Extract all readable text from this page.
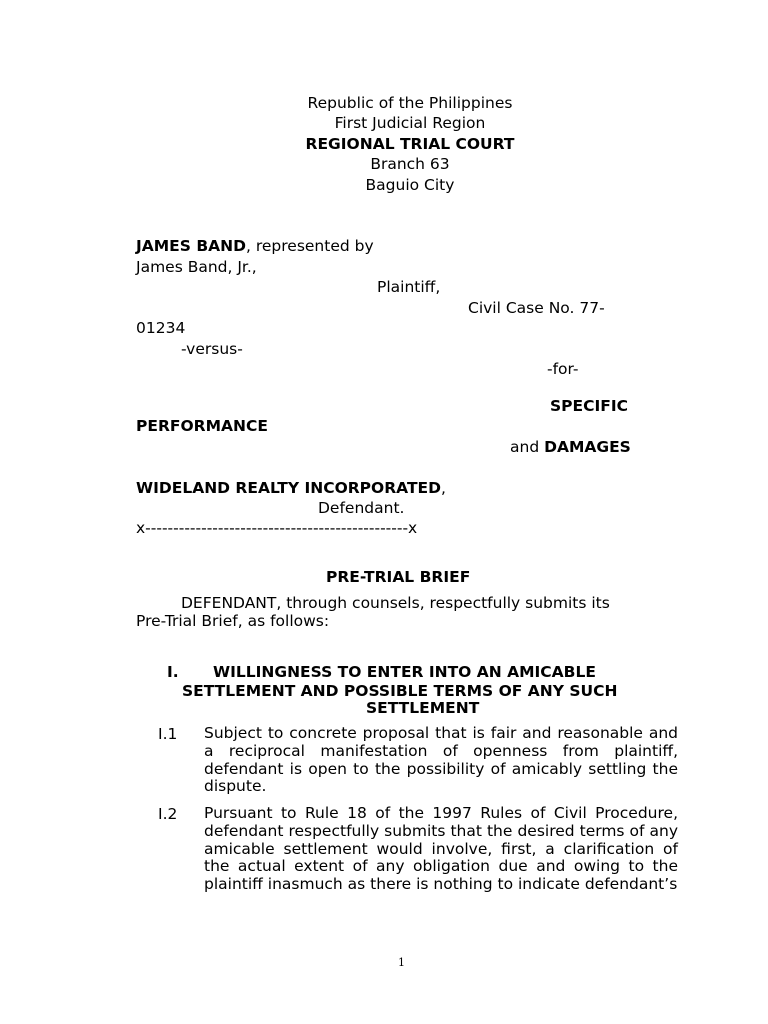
Republic of the Philippines
First Judicial Region
REGIONAL TRIAL COURT
Branch 63
Baguio City
JAMES BAND, represented by
James Band, Jr.,
Plaintiff,
Civil Case No. 77-
01234
-versus-
-for-
SPECIFIC
PERFORMANCE
and DAMAGES
WIDELAND REALTY INCORPORATED,
Defendant.
x-----------------------------------------------x
PRE-TRIAL BRIEF
DEFENDANT, through counsels, respectfully submits its
Pre-Trial Brief, as follows:
I. WILLINGNESS TO ENTER INTO AN AMICABLE
SETTLEMENT AND POSSIBLE TERMS OF ANY SUCH
SETTLEMENT
I.1 Subject to concrete proposal that is fair and reasonable and a reciprocal manifestation of openness from plaintiff, defendant is open to the possibility of amicably settling the dispute.

I.2 Pursuant to Rule 18 of the 1997 Rules of Civil Procedure, defendant respectfully submits that the desired terms of any amicable settlement would involve, first, a clarification of the actual extent of any obligation due and owing to the plaintiff inasmuch as there is nothing to indicate defendant’s

1
